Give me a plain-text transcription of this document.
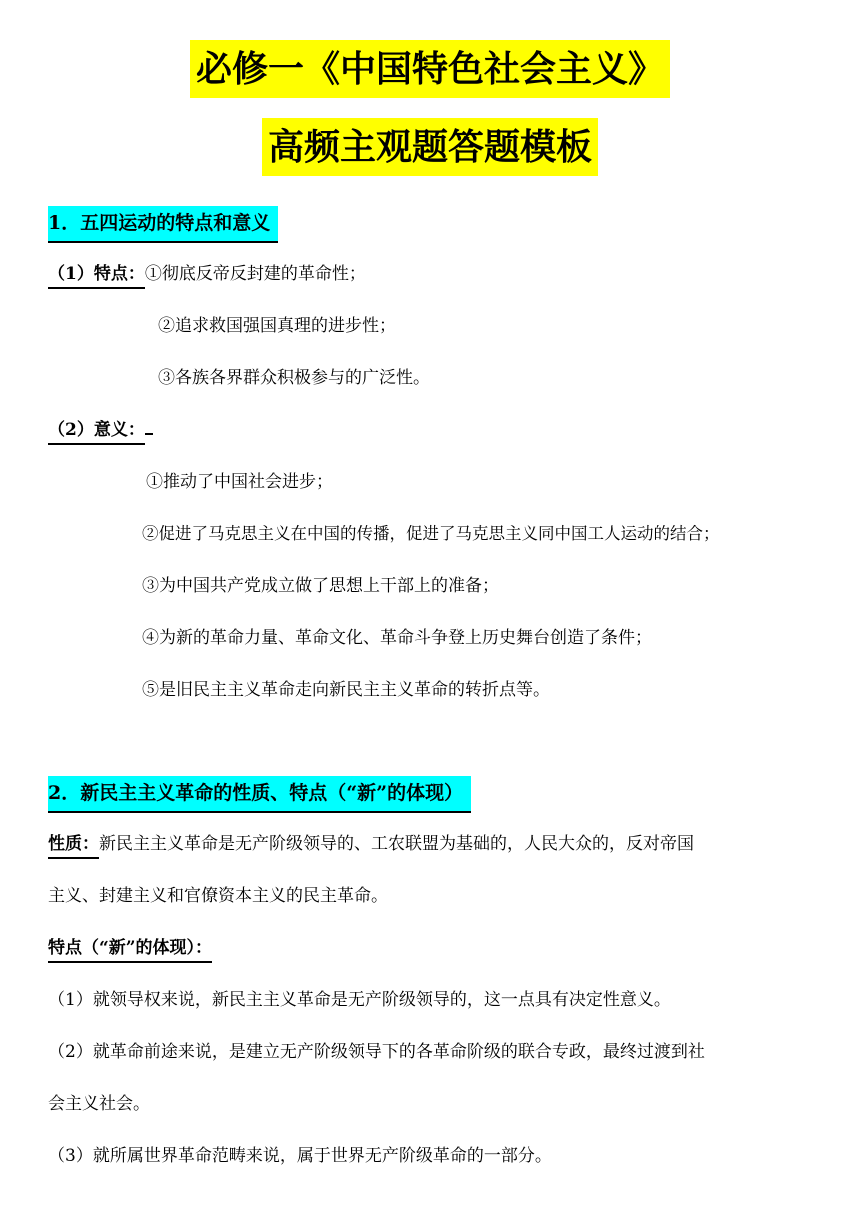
必修一《中国特色社会主义》
高频主观题答题模板
1．五四运动的特点和意义
（1）特点：①彻底反帝反封建的革命性；
②追求救国强国真理的进步性；
③各族各界群众积极参与的广泛性。
（2）意义：
①推动了中国社会进步；
②促进了马克思主义在中国的传播，促进了马克思主义同中国工人运动的结合；
③为中国共产党成立做了思想上干部上的准备；
④为新的革命力量、革命文化、革命斗争登上历史舞台创造了条件；
⑤是旧民主主义革命走向新民主主义革命的转折点等。
2．新民主主义革命的性质、特点（“新”的体现）
性质：新民主主义革命是无产阶级领导的、工农联盟为基础的，人民大众的，反对帝国
主义、封建主义和官僚资本主义的民主革命。
特点（“新”的体现）：
（1）就领导权来说，新民主主义革命是无产阶级领导的，这一点具有决定性意义。
（2）就革命前途来说，是建立无产阶级领导下的各革命阶级的联合专政，最终过渡到社
会主义社会。
（3）就所属世界革命范畴来说，属于世界无产阶级革命的一部分。
